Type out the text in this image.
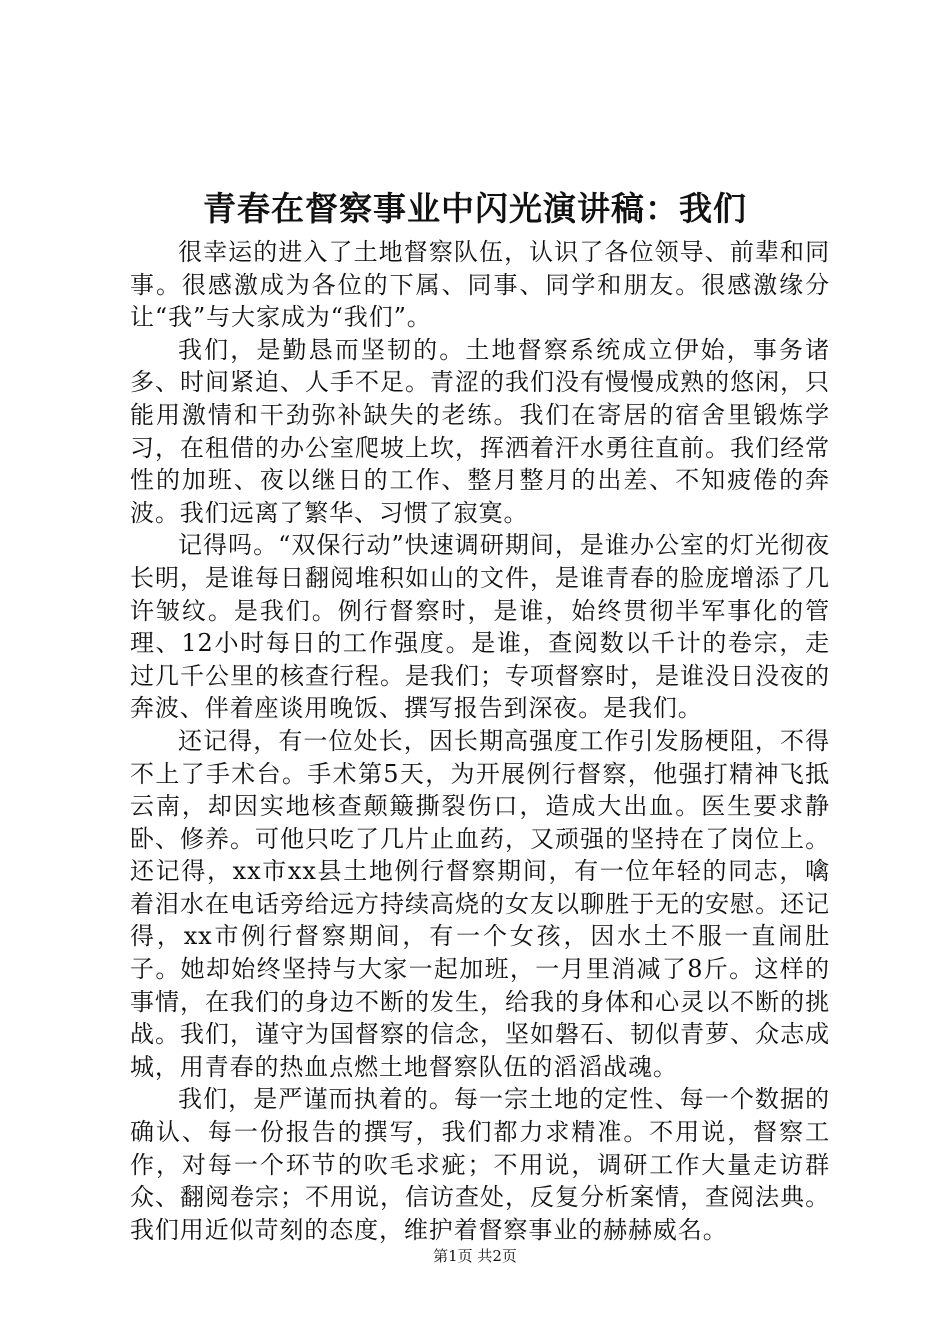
青春在督察事业中闪光演讲稿：我们

很幸运的进入了土地督察队伍，认识了各位领导、前辈和同事。很感激成为各位的下属、同事、同学和朋友。很感激缘分让“我”与大家成为“我们”。

我们，是勤恳而坚韧的。土地督察系统成立伊始，事务诸多、时间紧迫、人手不足。青涩的我们没有慢慢成熟的悠闲，只能用激情和干劲弥补缺失的老练。我们在寄居的宿舍里锻炼学习，在租借的办公室爬坡上坎，挥洒着汗水勇往直前。我们经常性的加班、夜以继日的工作、整月整月的出差、不知疲倦的奔波。我们远离了繁华、习惯了寂寞。

记得吗。“双保行动”快速调研期间，是谁办公室的灯光彻夜长明，是谁每日翻阅堆积如山的文件，是谁青春的脸庞增添了几许皱纹。是我们。例行督察时，是谁，始终贯彻半军事化的管理、12小时每日的工作强度。是谁，查阅数以千计的卷宗，走过几千公里的核查行程。是我们；专项督察时，是谁没日没夜的奔波、伴着座谈用晚饭、撰写报告到深夜。是我们。

还记得，有一位处长，因长期高强度工作引发肠梗阻，不得不上了手术台。手术第5天，为开展例行督察，他强打精神飞抵云南，却因实地核查颠簸撕裂伤口，造成大出血。医生要求静卧、修养。可他只吃了几片止血药，又顽强的坚持在了岗位上。还记得，xx市xx县土地例行督察期间，有一位年轻的同志，噙着泪水在电话旁给远方持续高烧的女友以聊胜于无的安慰。还记得，xx市例行督察期间，有一个女孩，因水土不服一直闹肚子。她却始终坚持与大家一起加班，一月里消减了8斤。这样的事情，在我们的身边不断的发生，给我的身体和心灵以不断的挑战。我们，谨守为国督察的信念，坚如磐石、韧似青萝、众志成城，用青春的热血点燃土地督察队伍的滔滔战魂。

我们，是严谨而执着的。每一宗土地的定性、每一个数据的确认、每一份报告的撰写，我们都力求精准。不用说，督察工作，对每一个环节的吹毛求疵；不用说，调研工作大量走访群众、翻阅卷宗；不用说，信访查处，反复分析案情，查阅法典。我们用近似苛刻的态度，维护着督察事业的赫赫威名。

第1页 共2页
